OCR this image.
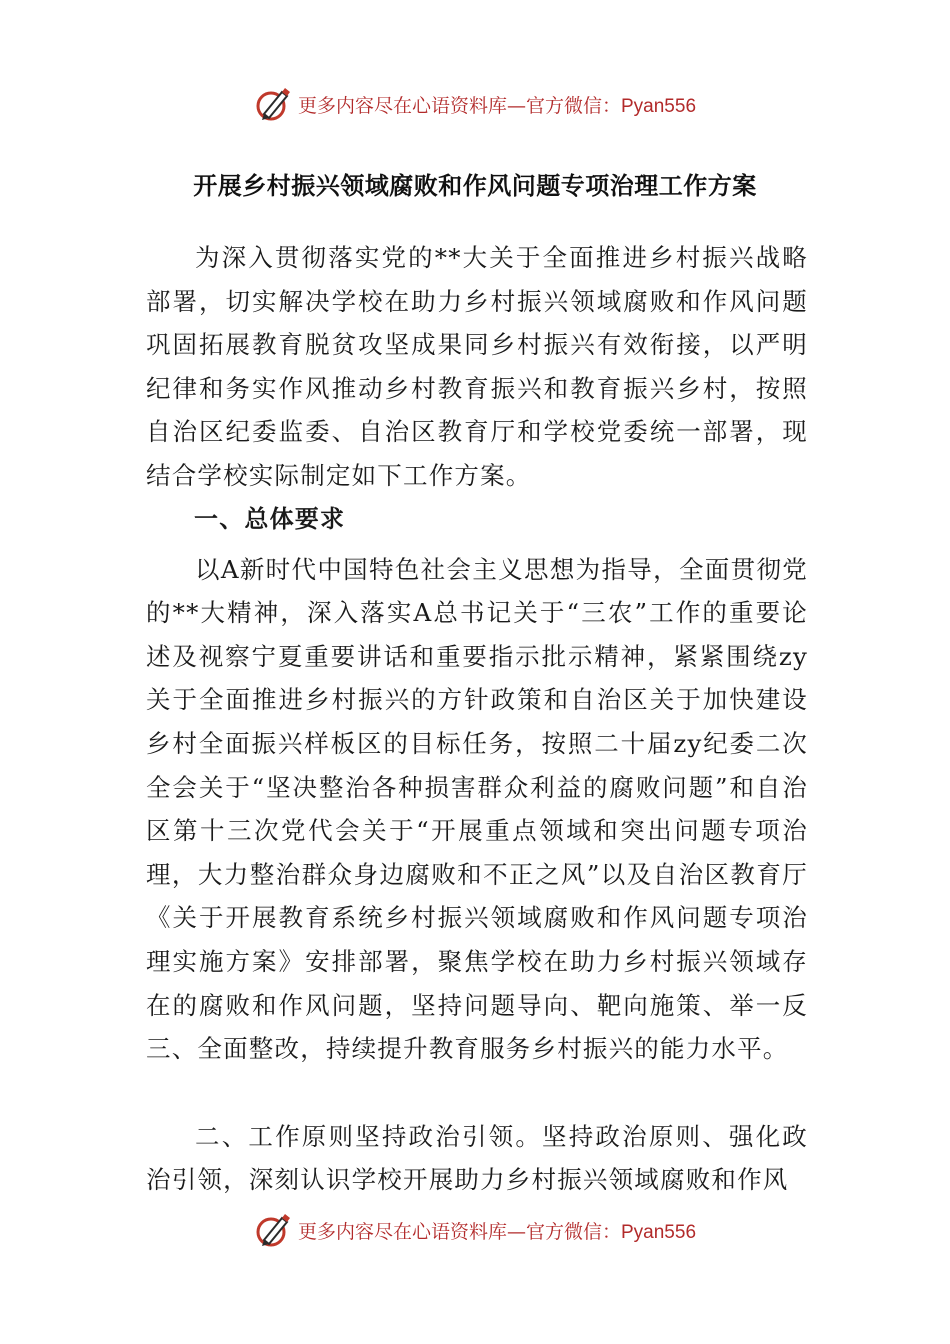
更多内容尽在心语资料库—官方微信：Pyan556
开展乡村振兴领域腐败和作风问题专项治理工作方案

为深入贯彻落实党的**大关于全面推进乡村振兴战略部署，切实解决学校在助力乡村振兴领域腐败和作风问题巩固拓展教育脱贫攻坚成果同乡村振兴有效衔接，以严明纪律和务实作风推动乡村教育振兴和教育振兴乡村，按照自治区纪委监委、自治区教育厅和学校党委统一部署，现结合学校实际制定如下工作方案。

一、总体要求

以A新时代中国特色社会主义思想为指导，全面贯彻党的**大精神，深入落实A总书记关于“三农”工作的重要论述及视察宁夏重要讲话和重要指示批示精神，紧紧围绕zy关于全面推进乡村振兴的方针政策和自治区关于加快建设乡村全面振兴样板区的目标任务，按照二十届zy纪委二次全会关于“坚决整治各种损害群众利益的腐败问题”和自治区第十三次党代会关于“开展重点领域和突出问题专项治理，大力整治群众身边腐败和不正之风”以及自治区教育厅《关于开展教育系统乡村振兴领域腐败和作风问题专项治理实施方案》安排部署，聚焦学校在助力乡村振兴领域存在的腐败和作风问题，坚持问题导向、靶向施策、举一反三、全面整改，持续提升教育服务乡村振兴的能力水平。

二、工作原则坚持政治引领。坚持政治原则、强化政治引领，深刻认识学校开展助力乡村振兴领域腐败和作风

更多内容尽在心语资料库—官方微信：Pyan556
